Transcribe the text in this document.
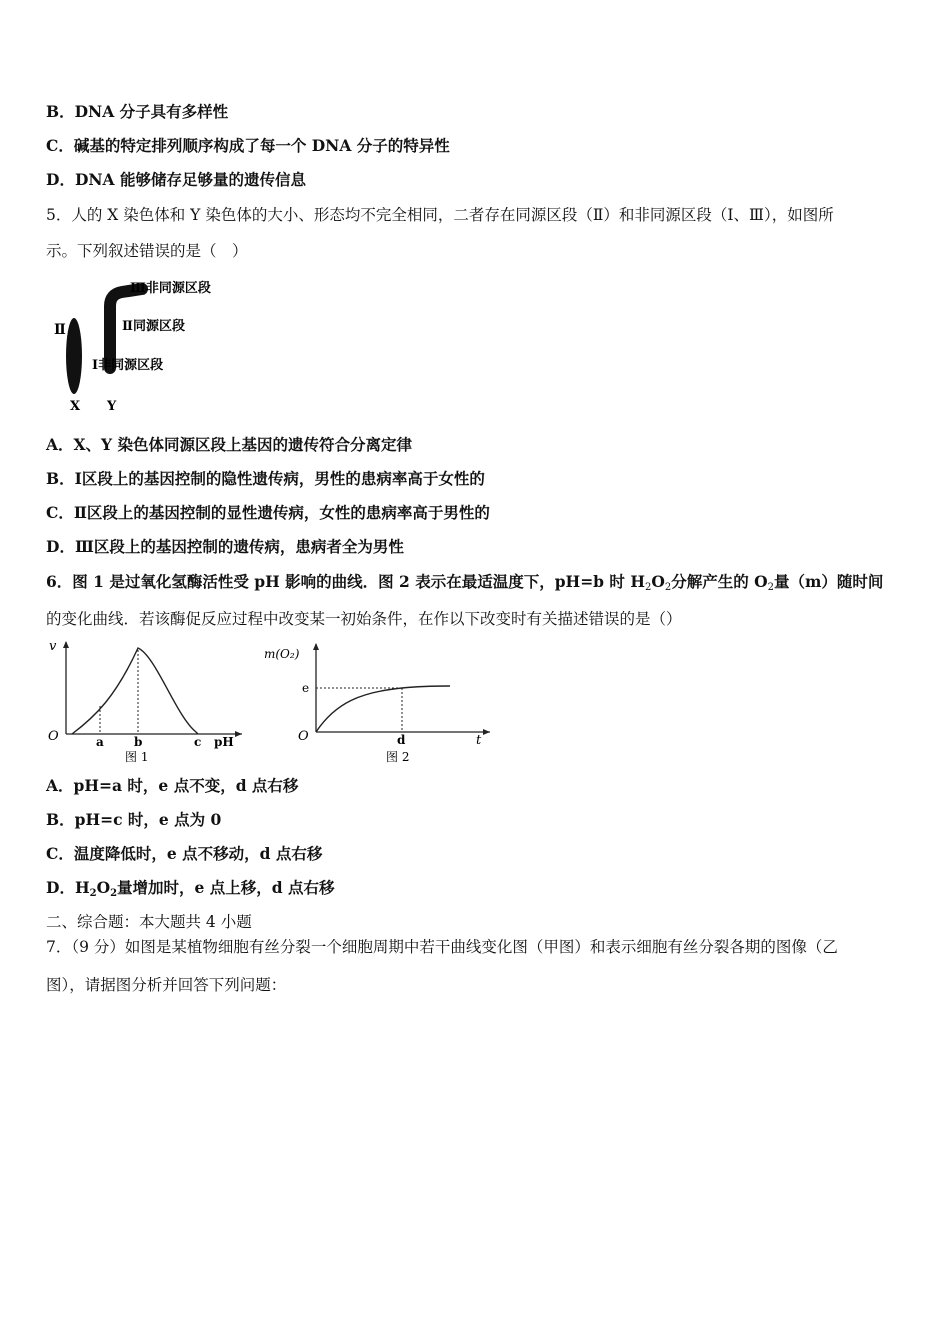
B．DNA 分子具有多样性
C．碱基的特定排列顺序构成了每一个 DNA 分子的特异性
D．DNA 能够储存足够量的遗传信息
5．人的 X 染色体和 Y 染色体的大小、形态均不完全相同，二者存在同源区段（Ⅱ）和非同源区段（Ⅰ、Ⅲ），如图所
示。下列叙述错误的是（　）
Ⅱ
Ⅲ非同源区段
Ⅱ同源区段
Ⅰ非同源区段
X Y
A．X、Y 染色体同源区段上基因的遗传符合分离定律
B．Ⅰ区段上的基因控制的隐性遗传病，男性的患病率高于女性的
C．Ⅱ区段上的基因控制的显性遗传病，女性的患病率高于男性的
D．Ⅲ区段上的基因控制的遗传病，患病者全为男性
6．图 1 是过氧化氢酶活性受 pH 影响的曲线．图 2 表示在最适温度下，pH=b 时 $H_2O_2$分解产生的 $O_2$量（m）随时间
的变化曲线．若该酶促反应过程中改变某一初始条件，在作以下改变时有关描述错误的是（）
v
O	a	b	c pH
图 1
m(O₂)
e
O	d	t
图 2
A．pH=a 时，e 点不变，d 点右移
B．pH=c 时，e 点为 0
C．温度降低时，e 点不移动，d 点右移
D．$H_2O_2$量增加时，e 点上移，d 点右移
二、综合题：本大题共 4 小题
7．（9 分）如图是某植物细胞有丝分裂一个细胞周期中若干曲线变化图（甲图）和表示细胞有丝分裂各期的图像（乙
图），请据图分析并回答下列问题：
